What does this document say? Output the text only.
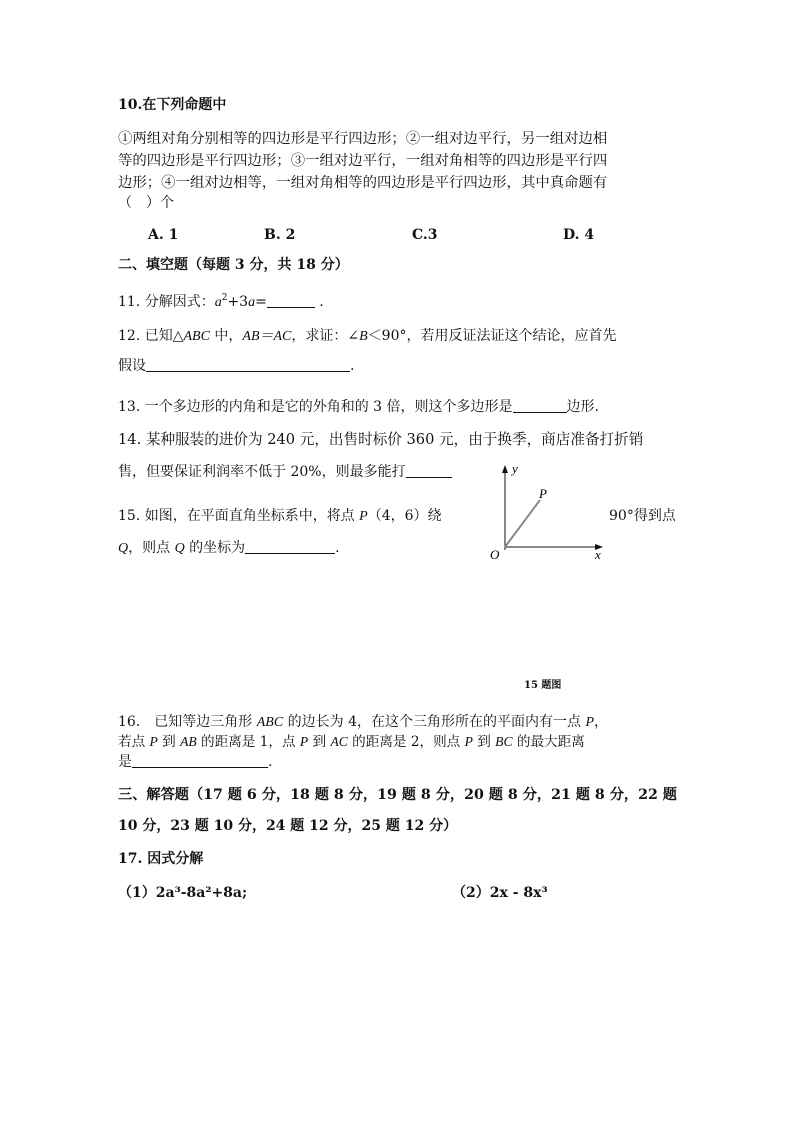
10.在下列命题中
①两组对角分别相等的四边形是平行四边形；②一组对边平行，另一组对边相
等的四边形是平行四边形；③一组对边平行，一组对角相等的四边形是平行四
边形；④一组对边相等，一组对角相等的四边形是平行四边形，其中真命题有
（　）个
A. 1	B. 2	C.3	D. 4
二、填空题（每题 3 分，共 18 分）
11. 分解因式：$a^2+3a=$	.
12. 已知△ABC 中，AB＝AC，求证：∠B＜90°，若用反证法证这个结论，应首先
假设	.
13. 一个多边形的内角和是它的外角和的 3 倍，则这个多边形是	边形.
14. 某种服装的进价为 240 元，出售时标价 360 元，由于换季，商店准备打折销
售，但要保证利润率不低于 20%，则最多能打
15. 如图，在平面直角坐标系中，将点 P（4，6）绕	90°得到点
Q，则点 Q 的坐标为	.
y
x
O
P
15 题图
16． 已知等边三角形 ABC 的边长为 4，在这个三角形所在的平面内有一点 P，
若点 P 到 AB 的距离是 1，点 P 到 AC 的距离是 2，则点 P 到 BC 的最大距离
是	.
三、解答题（17 题 6 分，18 题 8 分，19 题 8 分，20 题 8 分，21 题 8 分，22 题
10 分，23 题 10 分，24 题 12 分，25 题 12 分）
17. 因式分解
（1）2a³-8a²+8a;	（2）2x - 8x³
